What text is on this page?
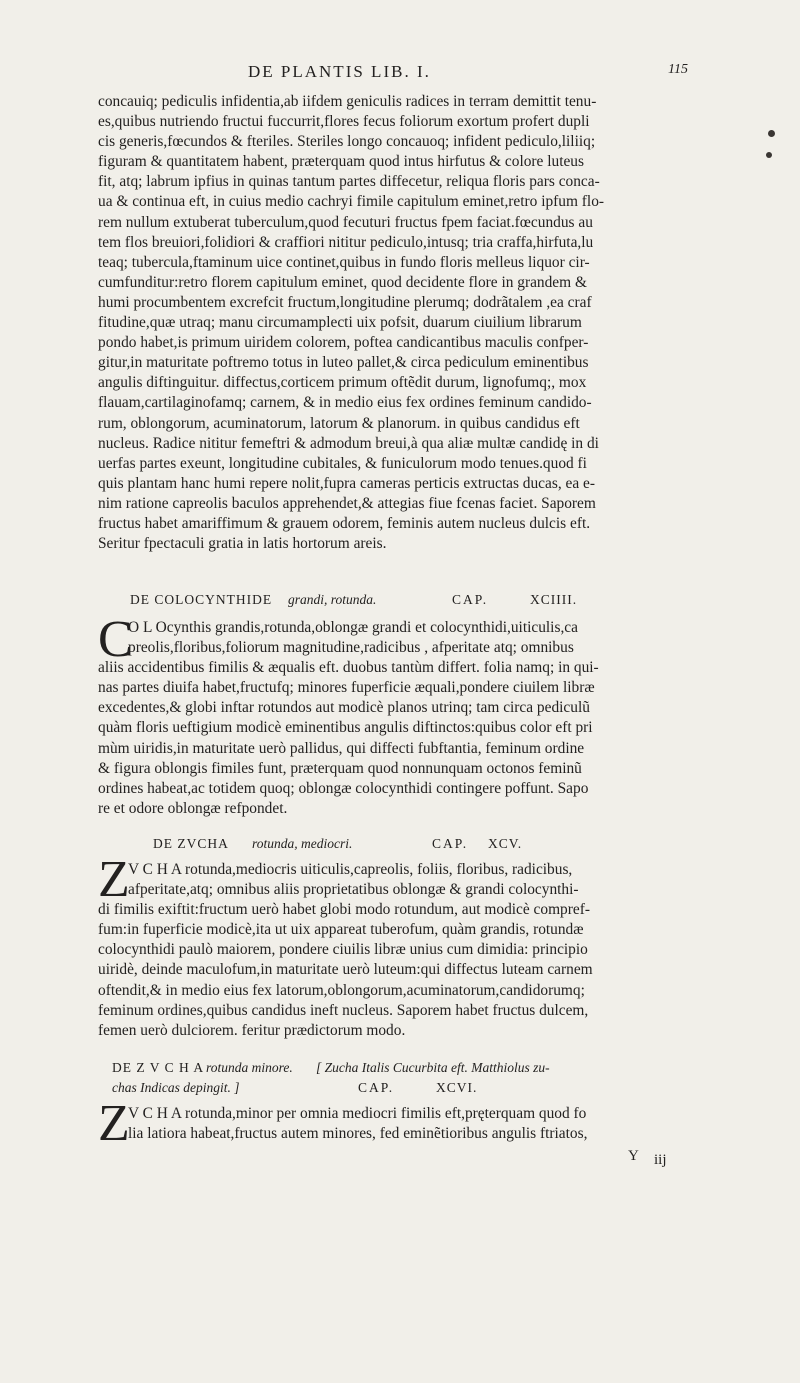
DE PLANTIS LIB. I.	115
concauiq; pediculis infidentia,ab iifdem geniculis radices in terram demittit tenu-
es,quibus nutriendo fructui fuccurrit,flores fecus foliorum exortum profert dupli
cis generis,fœcundos & fteriles. Steriles longo concauoq; infident pediculo,liliiq;
figuram & quantitatem habent, præterquam quod intus hirfutus & colore luteus
fit, atq; labrum ipfius in quinas tantum partes diffecetur, reliqua floris pars conca-
ua & continua eft, in cuius medio cachryi fimile capitulum eminet,retro ipfum flo-
rem nullum extuberat tuberculum,quod fecuturi fructus fpem faciat.fœcundus au
tem flos breuiori,folidiori & craffiori nititur pediculo,intusq; tria craffa,hirfuta,lu
teaq; tubercula,ftaminum uice continet,quibus in fundo floris melleus liquor cir-
cumfunditur:retro florem capitulum eminet, quod decidente flore in grandem &
humi procumbentem excrefcit fructum,longitudine plerumq; dodrãtalem ,ea craf
fitudine,quæ utraq; manu circumamplecti uix pofsit, duarum ciuilium librarum
pondo habet,is primum uiridem colorem, poftea candicantibus maculis confper-
gitur,in maturitate poftremo totus in luteo pallet,& circa pediculum eminentibus
angulis diftinguitur. diffectus,corticem primum oftẽdit durum, lignofumq;, mox
flauam,cartilaginofamq; carnem, & in medio eius fex ordines feminum candido-
rum, oblongorum, acuminatorum, latorum & planorum. in quibus candidus eft
nucleus. Radice nititur femeftri & admodum breui,à qua aliæ multæ candidę in di
uerfas partes exeunt, longitudine cubitales, & funiculorum modo tenues.quod fi
quis plantam hanc humi repere nolit,fupra cameras perticis extructas ducas, ea e-
nim ratione capreolis baculos apprehendet,& attegias fiue fcenas faciet. Saporem
fructus habet amariffimum & grauem odorem, feminis autem nucleus dulcis eft.
Seritur fpectaculi gratia in latis hortorum areis.
DE COLOCYNTHIDE grandi, rotunda.	CAP.	XCIIII.
C
O L Ocynthis grandis,rotunda,oblongæ grandi et colocynthidi,uiticulis,ca
preolis,floribus,foliorum magnitudine,radicibus , afperitate atq; omnibus
aliis accidentibus fimilis & æqualis eft. duobus tantùm differt. folia namq; in qui-
nas partes diuifa habet,fructufq; minores fuperficie æquali,pondere ciuilem libræ
excedentes,& globi inftar rotundos aut modicè planos utrinq; tam circa pediculũ
quàm floris ueftigium modicè eminentibus angulis diftinctos:quibus color eft pri
mùm uiridis,in maturitate uerò pallidus, qui diffecti fubftantia, feminum ordine
& figura oblongis fimiles funt, præterquam quod nonnunquam octonos feminũ
ordines habeat,ac totidem quoq; oblongæ colocynthidi contingere poffunt. Sapo
re et odore oblongæ refpondet.
DE ZVCHA rotunda, mediocri.	CAP. XCV.
Z
V C H A rotunda,mediocris uiticulis,capreolis, foliis, floribus, radicibus,
afperitate,atq; omnibus aliis proprietatibus oblongæ & grandi colocynthi-
di fimilis exiftit:fructum uerò habet globi modo rotundum, aut modicè compref-
fum:in fuperficie modicè,ita ut uix appareat tuberofum, quàm grandis, rotundæ
colocynthidi paulò maiorem, pondere ciuilis libræ unius cum dimidia: principio
uiridè, deinde maculofum,in maturitate uerò luteum:qui diffectus luteam carnem
oftendit,& in medio eius fex latorum,oblongorum,acuminatorum,candidorumq;
feminum ordines,quibus candidus ineft nucleus. Saporem habet fructus dulcem,
femen uerò dulciorem. feritur prædictorum modo.
DE Z V C H A rotunda minore. [ Zucha Italis Cucurbita eft. Matthiolus zu-
chas Indicas depingit. ]	CAP.	XCVI.
Z
V C H A rotunda,minor per omnia mediocri fimilis eft,pręterquam quod fo
lia latiora habeat,fructus autem minores, fed eminẽtioribus angulis ftriatos,
Y iij
